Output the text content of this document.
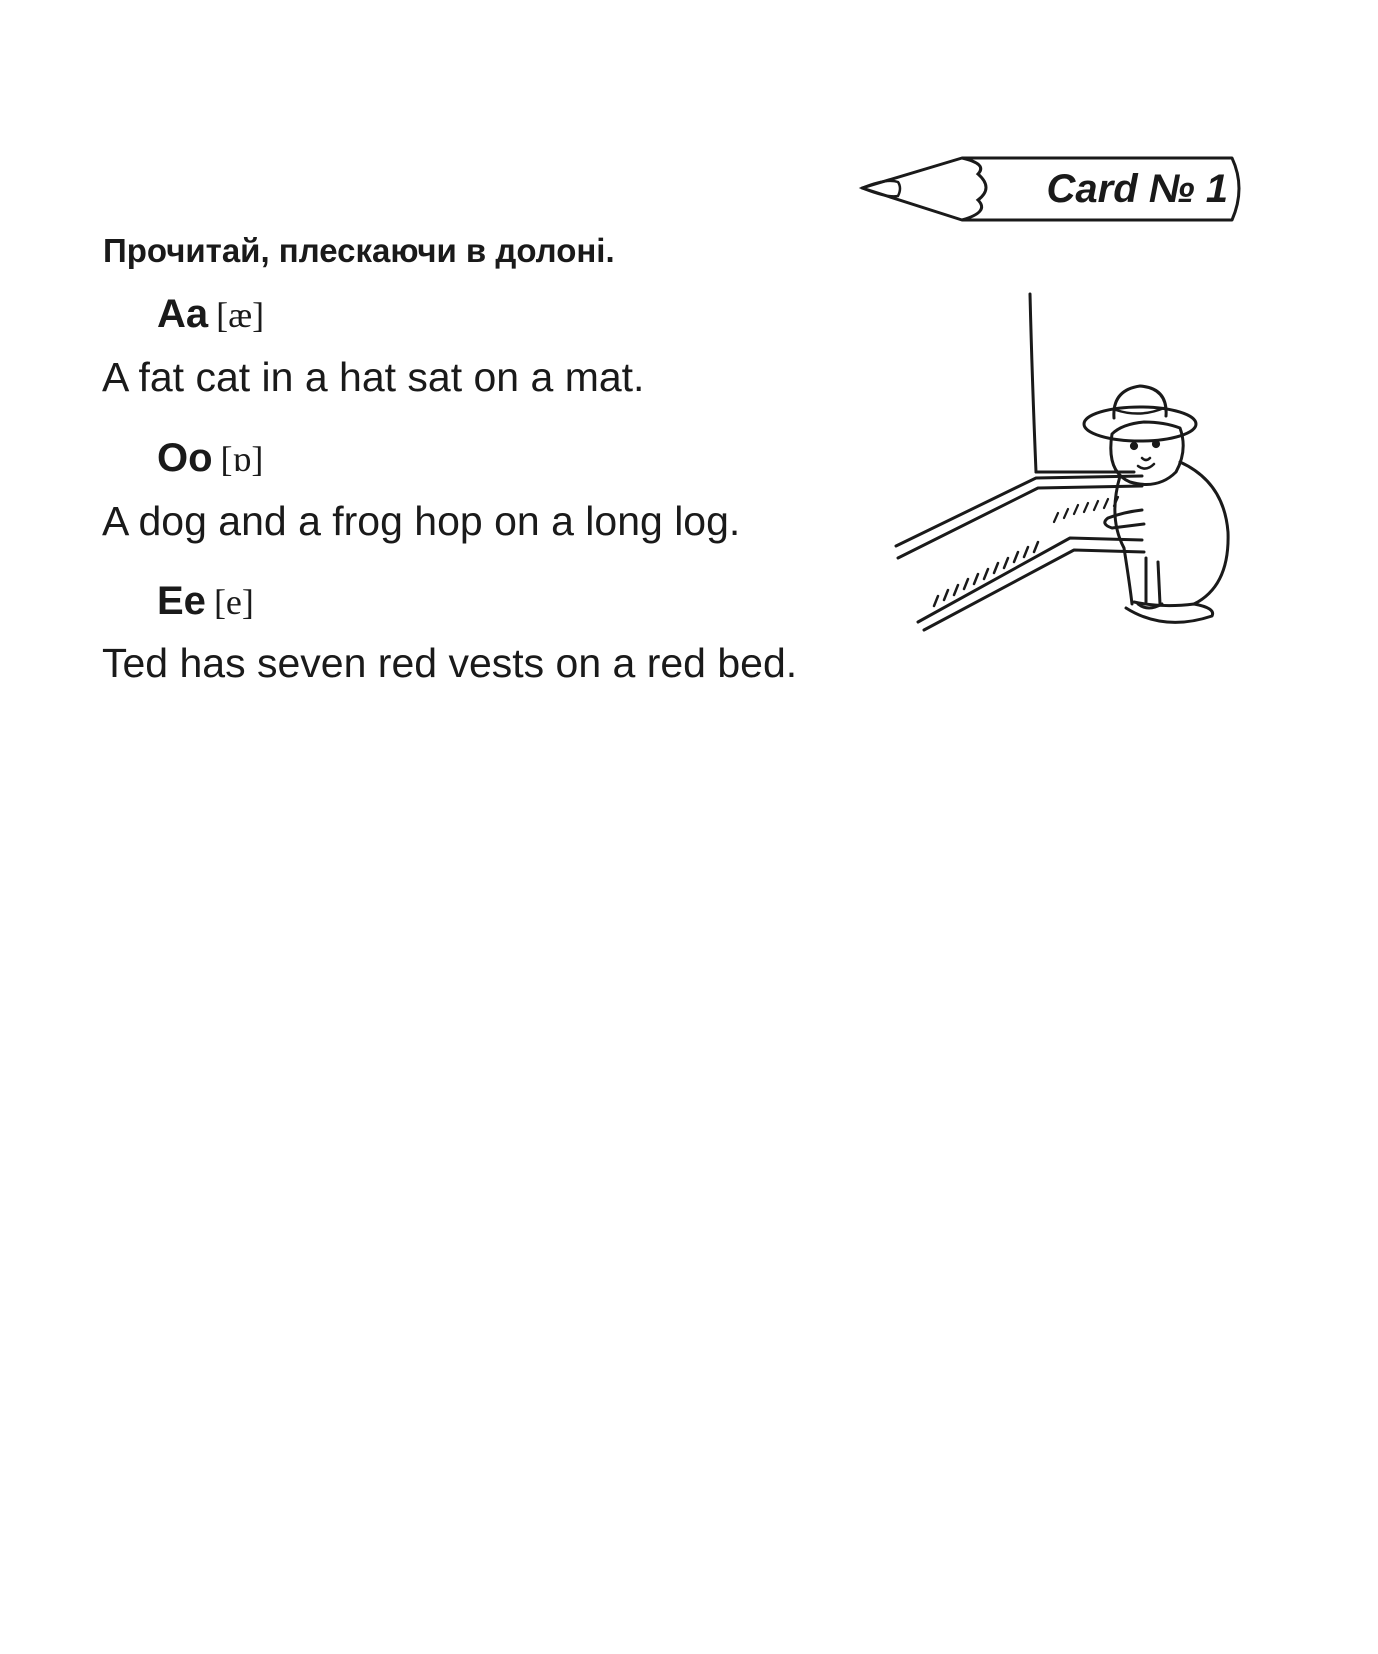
Card № 1
Прочитай, плескаючи в долоні.
Aa [æ]
A fat cat in a hat sat on a mat.
Oo [ɒ]
A dog and a frog hop on a long log.
Ee [e]
Ted has seven red vests on a red bed.
